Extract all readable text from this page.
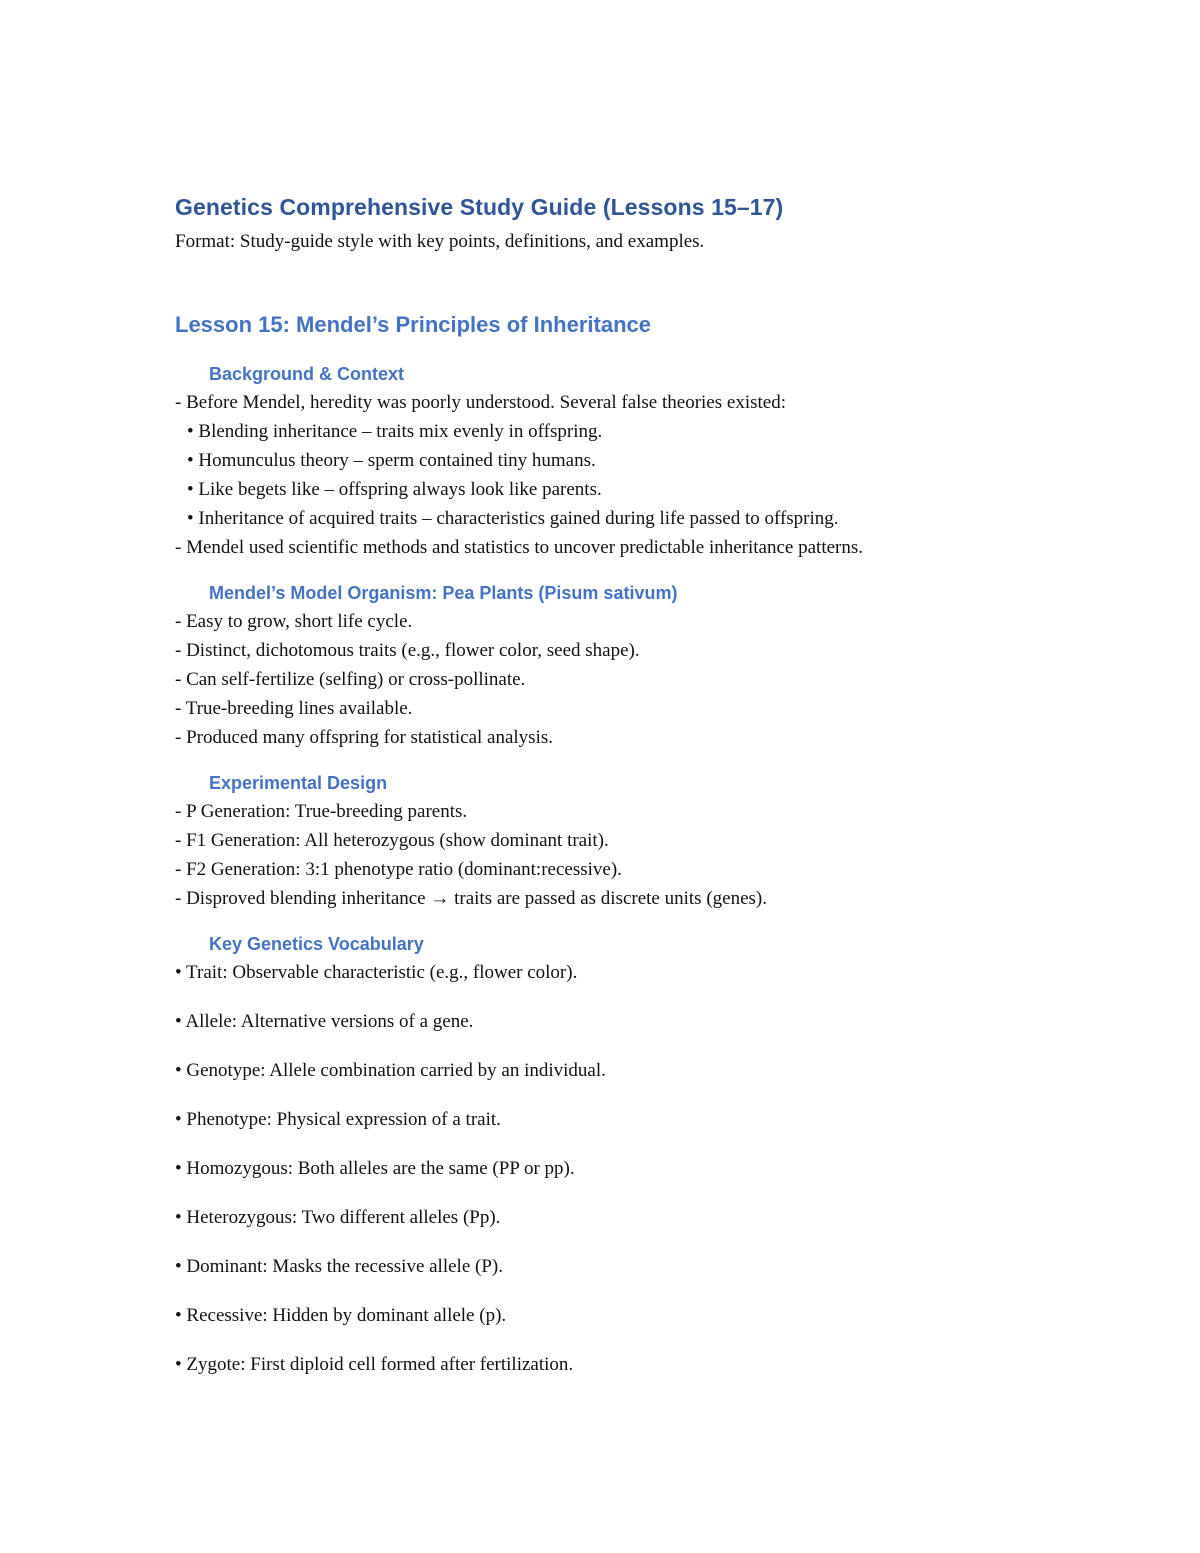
Genetics Comprehensive Study Guide (Lessons 15–17)

Format: Study-guide style with key points, definitions, and examples.

Lesson 15: Mendel’s Principles of Inheritance
Background & Context

- Before Mendel, heredity was poorly understood. Several false theories existed:

• Blending inheritance – traits mix evenly in offspring.

• Homunculus theory – sperm contained tiny humans.

• Like begets like – offspring always look like parents.

• Inheritance of acquired traits – characteristics gained during life passed to offspring.

- Mendel used scientific methods and statistics to uncover predictable inheritance patterns.

Mendel’s Model Organism: Pea Plants (Pisum sativum)

- Easy to grow, short life cycle.

- Distinct, dichotomous traits (e.g., flower color, seed shape).

- Can self-fertilize (selfing) or cross-pollinate.

- True-breeding lines available.

- Produced many offspring for statistical analysis.

Experimental Design

- P Generation: True-breeding parents.

- F1 Generation: All heterozygous (show dominant trait).

- F2 Generation: 3:1 phenotype ratio (dominant:recessive).

- Disproved blending inheritance → traits are passed as discrete units (genes).

Key Genetics Vocabulary

• Trait: Observable characteristic (e.g., flower color).

• Allele: Alternative versions of a gene.

• Genotype: Allele combination carried by an individual.

• Phenotype: Physical expression of a trait.

• Homozygous: Both alleles are the same (PP or pp).

• Heterozygous: Two different alleles (Pp).

• Dominant: Masks the recessive allele (P).

• Recessive: Hidden by dominant allele (p).

• Zygote: First diploid cell formed after fertilization.
